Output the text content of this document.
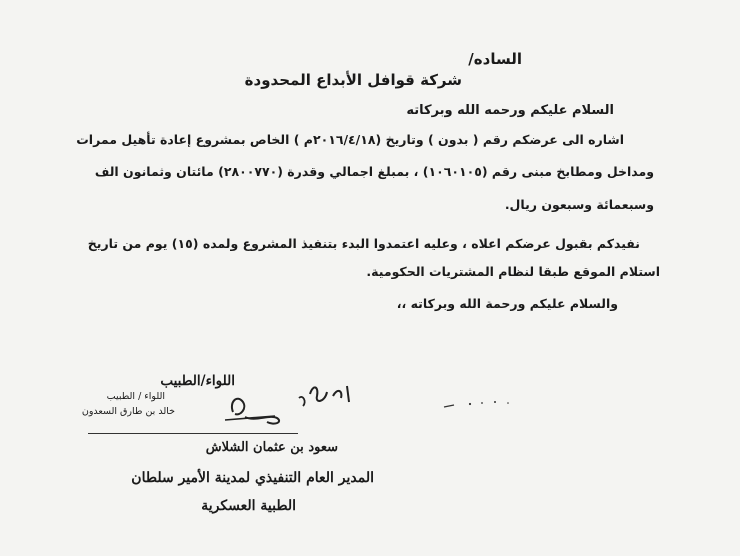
الساده/
شركة قوافل الأبداع المحدودة
السلام عليكم ورحمه الله وبركاته
اشاره الى عرضكم رقم ( بدون ) وتاريخ (٢٠١٦/٤/١٨م ) الخاص بمشروع إعادة تأهيل ممرات
ومداخل ومطابخ مبنى رقم (١٠٦٠١٠٥) ، بمبلغ اجمالي وقدرة (٢٨٠٠٧٧٠) مائتان وثمانون الف
وسبعمائة وسبعون ريال.
نفيدكم بقبول عرضكم اعلاه ، وعليه اعتمدوا البدء بتنفيذ المشروع ولمده (١٥) يوم من تاريخ
استلام الموقع طبقا لنظام المشتريات الحكومية.
والسلام عليكم ورحمة الله وبركاته ،،
اللواء/الطبيب
اللواء / الطبيب
خالد بن طارق السعدون
سعود بن عثمان الشلاش
المدير العام التنفيذي لمدينة الأمير سلطان
الطبية العسكرية
